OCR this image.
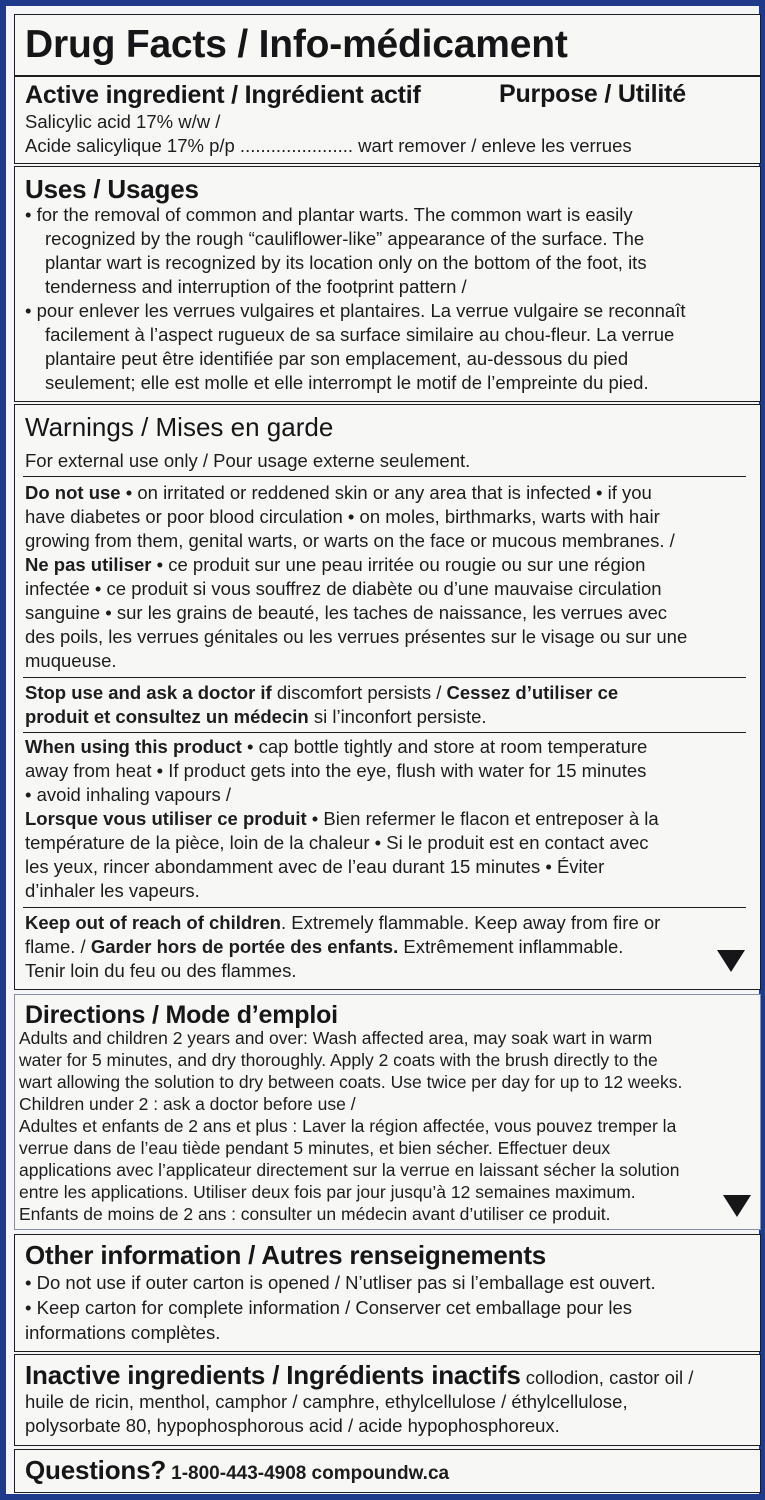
Drug Facts / Info-médicament
Active ingredient / Ingrédient actif	Purpose / Utilité
Salicylic acid 17% w/w /
Acide salicylique 17% p/p ...................... wart remover / enleve les verrues
Uses / Usages
• for the removal of common and plantar warts. The common wart is easily
recognized by the rough “cauliflower-like” appearance of the surface. The
plantar wart is recognized by its location only on the bottom of the foot, its
tenderness and interruption of the footprint pattern /
• pour enlever les verrues vulgaires et plantaires. La verrue vulgaire se reconnaît
facilement à l’aspect rugueux de sa surface similaire au chou-fleur. La verrue
plantaire peut être identifiée par son emplacement, au-dessous du pied
seulement; elle est molle et elle interrompt le motif de l’empreinte du pied.
Warnings / Mises en garde
For external use only / Pour usage externe seulement.
Do not use • on irritated or reddened skin or any area that is infected • if you
have diabetes or poor blood circulation • on moles, birthmarks, warts with hair
growing from them, genital warts, or warts on the face or mucous membranes. /
Ne pas utiliser • ce produit sur une peau irritée ou rougie ou sur une région
infectée • ce produit si vous souffrez de diabète ou d’une mauvaise circulation
sanguine • sur les grains de beauté, les taches de naissance, les verrues avec
des poils, les verrues génitales ou les verrues présentes sur le visage ou sur une
muqueuse.
Stop use and ask a doctor if discomfort persists / Cessez d’utiliser ce
produit et consultez un médecin si l’inconfort persiste.
When using this product • cap bottle tightly and store at room temperature
away from heat • If product gets into the eye, flush with water for 15 minutes
• avoid inhaling vapours /
Lorsque vous utiliser ce produit • Bien refermer le flacon et entreposer à la
température de la pièce, loin de la chaleur • Si le produit est en contact avec
les yeux, rincer abondamment avec de l’eau durant 15 minutes • Éviter
d’inhaler les vapeurs.
Keep out of reach of children. Extremely flammable. Keep away from fire or
flame. / Garder hors de portée des enfants. Extrêmement inflammable.
Tenir loin du feu ou des flammes.
Directions / Mode d’emploi
Adults and children 2 years and over: Wash affected area, may soak wart in warm
water for 5 minutes, and dry thoroughly. Apply 2 coats with the brush directly to the
wart allowing the solution to dry between coats. Use twice per day for up to 12 weeks.
Children under 2 : ask a doctor before use /
Adultes et enfants de 2 ans et plus : Laver la région affectée, vous pouvez tremper la
verrue dans de l’eau tiède pendant 5 minutes, et bien sécher. Effectuer deux
applications avec l’applicateur directement sur la verrue en laissant sécher la solution
entre les applications. Utiliser deux fois par jour jusqu’à 12 semaines maximum.
Enfants de moins de 2 ans : consulter un médecin avant d’utiliser ce produit.
Other information / Autres renseignements
• Do not use if outer carton is opened / N’utliser pas si l’emballage est ouvert.
• Keep carton for complete information / Conserver cet emballage pour les
informations complètes.
Inactive ingredients / Ingrédients inactifs collodion, castor oil /
huile de ricin, menthol, camphor / camphre, ethylcellulose / éthylcellulose,
polysorbate 80, hypophosphorous acid / acide hypophosphoreux.
Questions? 1-800-443-4908 compoundw.ca
